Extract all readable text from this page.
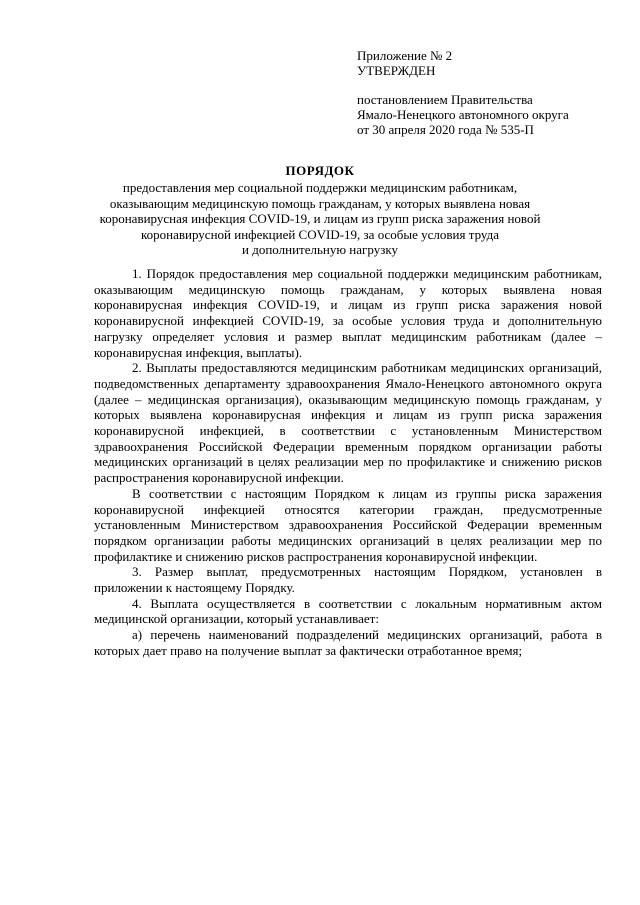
Приложение № 2
УТВЕРЖДЕН
постановлением Правительства
Ямало-Ненецкого автономного округа
от 30 апреля 2020 года № 535-П
ПОРЯДОК
предоставления мер социальной поддержки медицинским работникам,
оказывающим медицинскую помощь гражданам, у которых выявлена новая
коронавирусная инфекция COVID-19, и лицам из групп риска заражения новой
коронавирусной инфекцией COVID-19, за особые условия труда
и дополнительную нагрузку

1. Порядок предоставления мер социальной поддержки медицинским работникам, оказывающим медицинскую помощь гражданам, у которых выявлена новая коронавирусная инфекция COVID-19, и лицам из групп риска заражения новой коронавирусной инфекцией COVID-19, за особые условия труда и дополнительную нагрузку определяет условия и размер выплат медицинским работникам (далее – коронавирусная инфекция, выплаты).

2. Выплаты предоставляются медицинским работникам медицинских организаций, подведомственных департаменту здравоохранения Ямало-Ненецкого автономного округа (далее – медицинская организация), оказывающим медицинскую помощь гражданам, у которых выявлена коронавирусная инфекция и лицам из групп риска заражения коронавирусной инфекцией, в соответствии с установленным Министерством здравоохранения Российской Федерации временным порядком организации работы медицинских организаций в целях реализации мер по профилактике и снижению рисков распространения коронавирусной инфекции.

В соответствии с настоящим Порядком к лицам из группы риска заражения коронавирусной инфекцией относятся категории граждан, предусмотренные установленным Министерством здравоохранения Российской Федерации временным порядком организации работы медицинских организаций в целях реализации мер по профилактике и снижению рисков распространения коронавирусной инфекции.

3. Размер выплат, предусмотренных настоящим Порядком, установлен в приложении к настоящему Порядку.

4. Выплата осуществляется в соответствии с локальным нормативным актом медицинской организации, который устанавливает:

а) перечень наименований подразделений медицинских организаций, работа в которых дает право на получение выплат за фактически отработанное время;
